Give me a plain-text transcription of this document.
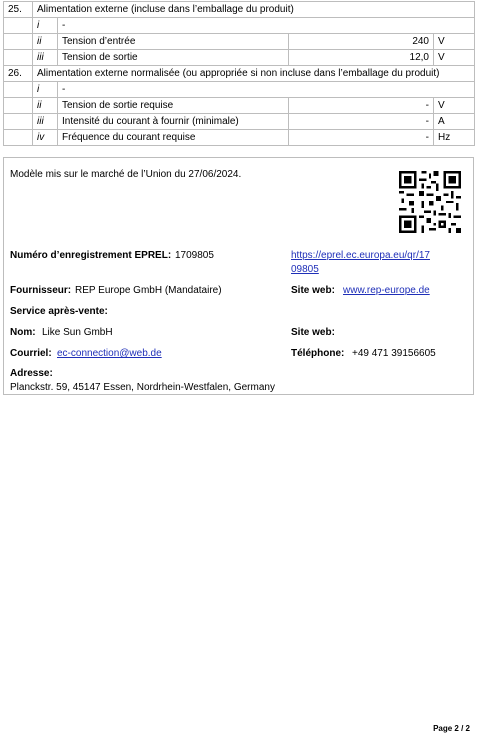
25.	Alimentation externe (incluse dans l’emballage du produit)			
	i	-		
	ii	Tension d’entrée	240	V
	iii	Tension de sortie	12,0	V
26.	Alimentation externe normalisée (ou appropriée si non incluse dans l’emballage du produit)			
	i	-		
	ii	Tension de sortie requise	-	V
	iii	Intensité du courant à fournir (minimale)	-	A
	iv	Fréquence du courant requise	-	Hz
Modèle mis sur le marché de l’Union du 27/06/2024.
Numéro d’enregistrement EPREL: 1709805	https://eprel.ec.europa.eu/qr/17
09805
Fournisseur: REP Europe GmbH (Mandataire)	Site web: www.rep-europe.de
Service après-vente:
Nom: Like Sun GmbH	Site web:
Courriel: ec-connection@web.de	Téléphone: +49 471 39156605
Adresse:
Planckstr. 59, 45147 Essen, Nordrhein-Westfalen, Germany
Page 2 / 2
